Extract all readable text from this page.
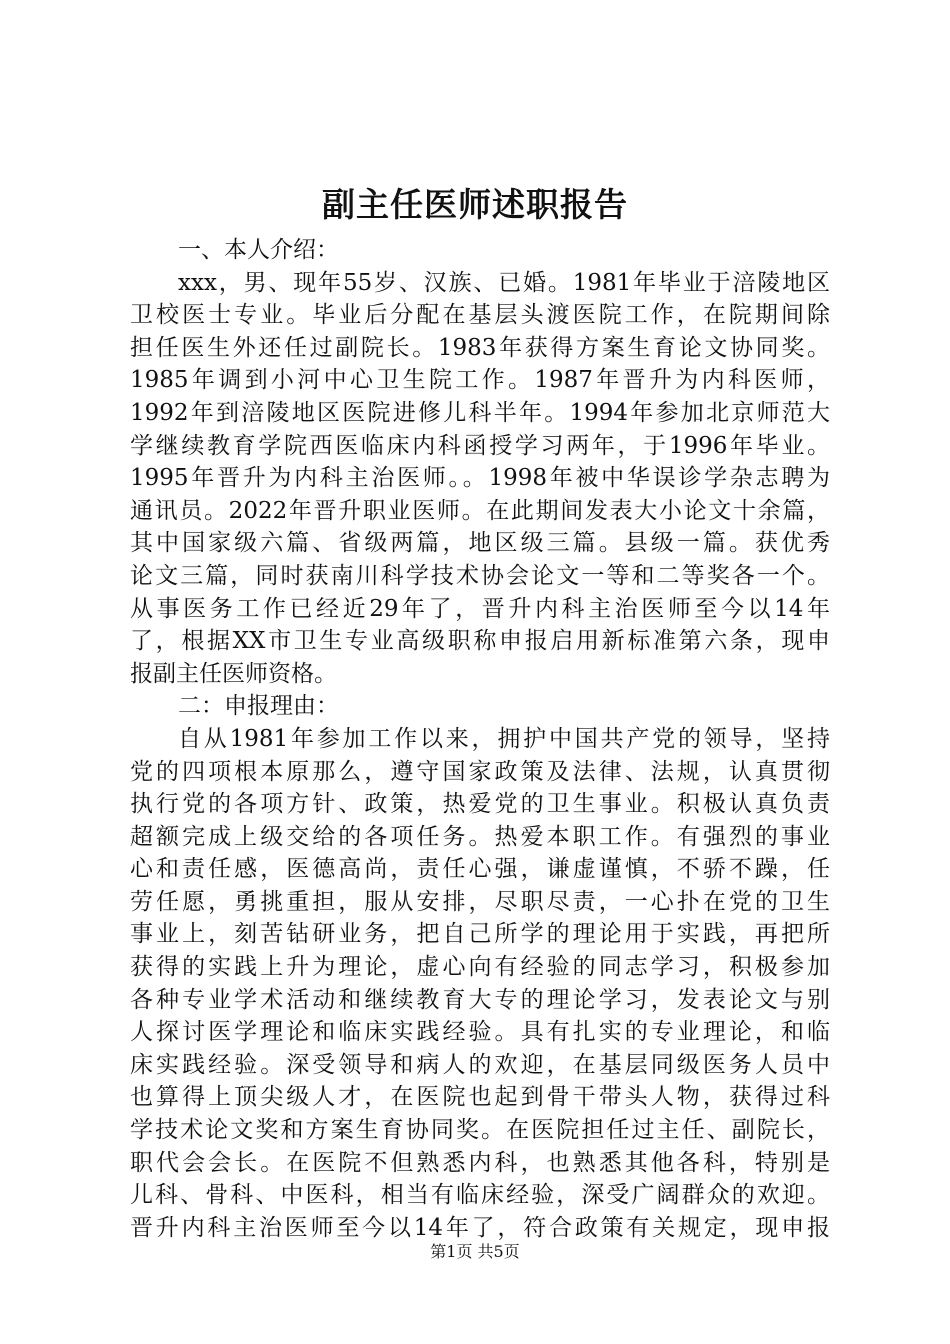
副主任医师述职报告
一、本人介绍：
xxx，男、现年55岁、汉族、已婚。1981年毕业于涪陵地区
卫校医士专业。毕业后分配在基层头渡医院工作，在院期间除
担任医生外还任过副院长。1983年获得方案生育论文协同奖。
1985年调到小河中心卫生院工作。1987年晋升为内科医师，
1992年到涪陵地区医院进修儿科半年。1994年参加北京师范大
学继续教育学院西医临床内科函授学习两年，于1996年毕业。
1995年晋升为内科主治医师。。1998年被中华误诊学杂志聘为
通讯员。2022年晋升职业医师。在此期间发表大小论文十余篇，
其中国家级六篇、省级两篇，地区级三篇。县级一篇。获优秀
论文三篇，同时获南川科学技术协会论文一等和二等奖各一个。
从事医务工作已经近29年了，晋升内科主治医师至今以14年
了，根据XX市卫生专业高级职称申报启用新标准第六条，现申
报副主任医师资格。
二：申报理由：
自从1981年参加工作以来，拥护中国共产党的领导，坚持
党的四项根本原那么，遵守国家政策及法律、法规，认真贯彻
执行党的各项方针、政策，热爱党的卫生事业。积极认真负责
超额完成上级交给的各项任务。热爱本职工作。有强烈的事业
心和责任感，医德高尚，责任心强，谦虚谨慎，不骄不躁，任
劳任愿，勇挑重担，服从安排，尽职尽责，一心扑在党的卫生
事业上，刻苦钻研业务，把自己所学的理论用于实践，再把所
获得的实践上升为理论，虚心向有经验的同志学习，积极参加
各种专业学术活动和继续教育大专的理论学习，发表论文与别
人探讨医学理论和临床实践经验。具有扎实的专业理论，和临
床实践经验。深受领导和病人的欢迎，在基层同级医务人员中
也算得上顶尖级人才，在医院也起到骨干带头人物，获得过科
学技术论文奖和方案生育协同奖。在医院担任过主任、副院长，
职代会会长。在医院不但熟悉内科，也熟悉其他各科，特别是
儿科、骨科、中医科，相当有临床经验，深受广阔群众的欢迎。
晋升内科主治医师至今以14年了，符合政策有关规定，现申报
第1页 共5页
